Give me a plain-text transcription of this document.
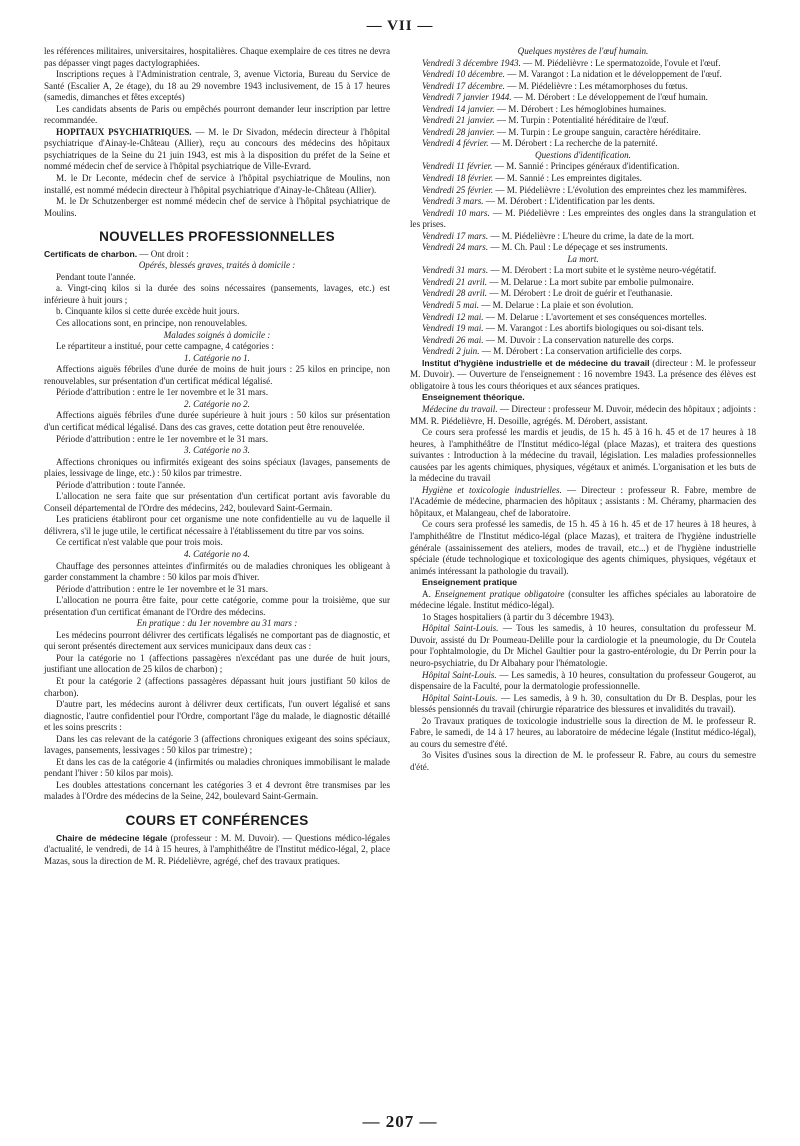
— VII —

les références militaires, universitaires, hospitalières. Chaque exemplaire de ces titres ne devra pas dépasser vingt pages dactylographiées.

Inscriptions reçues à l'Administration centrale, 3, avenue Victoria, Bureau du Service de Santé (Escalier A, 2e étage), du 18 au 29 novembre 1943 inclusivement, de 15 à 17 heures (samedis, dimanches et fêtes exceptés)

Les candidats absents de Paris ou empêchés pourront demander leur inscription par lettre recommandée.

HOPITAUX PSYCHIATRIQUES. — M. le Dr Sivadon, médecin directeur à l'hôpital psychiatrique d'Ainay-le-Château (Allier), reçu au concours des médecins des hôpitaux psychiatriques de la Seine du 21 juin 1943, est mis à la disposition du préfet de la Seine et nommé médecin chef de service à l'hôpital psychiatrique de Ville-Evrard.

M. le Dr Leconte, médecin chef de service à l'hôpital psychiatrique de Moulins, non installé, est nommé médecin directeur à l'hôpital psychiatrique d'Ainay-le-Château (Allier).

M. le Dr Schutzenberger est nommé médecin chef de service à l'hôpital psychiatrique de Moulins.

NOUVELLES PROFESSIONNELLES

Certificats de charbon. — Ont droit :

Opérés, blessés graves, traités à domicile :

Pendant toute l'année.

a. Vingt-cinq kilos si la durée des soins nécessaires (pansements, lavages, etc.) est inférieure à huit jours ;

b. Cinquante kilos si cette durée excède huit jours.

Ces allocations sont, en principe, non renouvelables.

Malades soignés à domicile :

Le répartiteur a institué, pour cette campagne, 4 catégories :

1. Catégorie no 1.

Affections aiguës fébriles d'une durée de moins de huit jours : 25 kilos en principe, non renouvelables, sur présentation d'un certificat médical légalisé.

Période d'attribution : entre le 1er novembre et le 31 mars.

2. Catégorie no 2.

Affections aiguës fébriles d'une durée supérieure à huit jours : 50 kilos sur présentation d'un certificat médical légalisé. Dans des cas graves, cette dotation peut être renouvelée.

Période d'attribution : entre le 1er novembre et le 31 mars.

3. Catégorie no 3.

Affections chroniques ou infirmités exigeant des soins spéciaux (lavages, pansements de plaies, lessivage de linge, etc.) : 50 kilos par trimestre.

Période d'attribution : toute l'année.

L'allocation ne sera faite que sur présentation d'un certificat portant avis favorable du Conseil départemental de l'Ordre des médecins, 242, boulevard Saint-Germain.

Les praticiens établiront pour cet organisme une note confidentielle au vu de laquelle il délivrera, s'il le juge utile, le certificat nécessaire à l'établissement du titre par vos soins.

Ce certificat n'est valable que pour trois mois.

4. Catégorie no 4.

Chauffage des personnes atteintes d'infirmités ou de maladies chroniques les obligeant à garder constamment la chambre : 50 kilos par mois d'hiver.

Période d'attribution : entre le 1er novembre et le 31 mars.

L'allocation ne pourra être faite, pour cette catégorie, comme pour la troisième, que sur présentation d'un certificat émanant de l'Ordre des médecins.

En pratique : du 1er novembre au 31 mars :

Les médecins pourront délivrer des certificats légalisés ne comportant pas de diagnostic, et qui seront présentés directement aux services municipaux dans deux cas :

Pour la catégorie no 1 (affections passagères n'excédant pas une durée de huit jours, justifiant une allocation de 25 kilos de charbon) ;

Et pour la catégorie 2 (affections passagères dépassant huit jours justifiant 50 kilos de charbon).

D'autre part, les médecins auront à délivrer deux certificats, l'un ouvert légalisé et sans diagnostic, l'autre confidentiel pour l'Ordre, comportant l'âge du malade, le diagnostic détaillé et les soins prescrits :

Dans les cas relevant de la catégorie 3 (affections chroniques exigeant des soins spéciaux, lavages, pansements, lessivages : 50 kilos par trimestre) ;

Et dans les cas de la catégorie 4 (infirmités ou maladies chroniques immobilisant le malade pendant l'hiver : 50 kilos par mois).

Les doubles attestations concernant les catégories 3 et 4 devront être transmises par les malades à l'Ordre des médecins de la Seine, 242, boulevard Saint-Germain.

COURS ET CONFÉRENCES

Chaire de médecine légale (professeur : M. M. Duvoir). — Questions médico-légales d'actualité, le vendredi, de 14 à 15 heures, à l'amphithéâtre de l'Institut médico-légal, 2, place Mazas, sous la direction de M. R. Piédelièvre, agrégé, chef des travaux pratiques.

Quelques mystères de l'œuf humain.

Vendredi 3 décembre 1943. — M. Piédelièvre : Le spermatozoïde, l'ovule et l'œuf.

Vendredi 10 décembre. — M. Varangot : La nidation et le développement de l'œuf.

Vendredi 17 décembre. — M. Piédelièvre : Les métamorphoses du fœtus.

Vendredi 7 janvier 1944. — M. Dérobert : Le développement de l'œuf humain.

Vendredi 14 janvier. — M. Dérobert : Les hémoglobines humaines.

Vendredi 21 janvier. — M. Turpin : Potentialité héréditaire de l'œuf.

Vendredi 28 janvier. — M. Turpin : Le groupe sanguin, caractère héréditaire.

Vendredi 4 février. — M. Dérobert : La recherche de la paternité.

Questions d'identification.

Vendredi 11 février. — M. Sannié : Principes généraux d'identification.

Vendredi 18 février. — M. Sannié : Les empreintes digitales.

Vendredi 25 février. — M. Piédelièvre : L'évolution des empreintes chez les mammifères.

Vendredi 3 mars. — M. Dérobert : L'identification par les dents.

Vendredi 10 mars. — M. Piédelièvre : Les empreintes des ongles dans la strangulation et les prises.

Vendredi 17 mars. — M. Piédelièvre : L'heure du crime, la date de la mort.

Vendredi 24 mars. — M. Ch. Paul : Le dépeçage et ses instruments.

La mort.

Vendredi 31 mars. — M. Dérobert : La mort subite et le système neuro-végétatif.

Vendredi 21 avril. — M. Delarue : La mort subite par embolie pulmonaire.

Vendredi 28 avril. — M. Dérobert : Le droit de guérir et l'euthanasie.

Vendredi 5 mai. — M. Delarue : La plaie et son évolution.

Vendredi 12 mai. — M. Delarue : L'avortement et ses conséquences mortelles.

Vendredi 19 mai. — M. Varangot : Les abortifs biologiques ou soi-disant tels.

Vendredi 26 mai. — M. Duvoir : La conservation naturelle des corps.

Vendredi 2 juin. — M. Dérobert : La conservation artificielle des corps.

Institut d'hygiène industrielle et de médecine du travail (directeur : M. le professeur M. Duvoir). — Ouverture de l'enseignement : 16 novembre 1943. La présence des élèves est obligatoire à tous les cours théoriques et aux séances pratiques.

Enseignement théorique.

Médecine du travail. — Directeur : professeur M. Duvoir, médecin des hôpitaux ; adjoints : MM. R. Piédelièvre, H. Desoille, agrégés. M. Dérobert, assistant.

Ce cours sera professé les mardis et jeudis, de 15 h. 45 à 16 h. 45 et de 17 heures à 18 heures, à l'amphithéâtre de l'Institut médico-légal (place Mazas), et traitera des questions suivantes : Introduction à la médecine du travail, législation. Les maladies professionnelles causées par les agents chimiques, physiques, végétaux et animés. L'organisation et les buts de la médecine du travail

Hygiène et toxicologie industrielles. — Directeur : professeur R. Fabre, membre de l'Académie de médecine, pharmacien des hôpitaux ; assistants : M. Chéramy, pharmacien des hôpitaux, et Malangeau, chef de laboratoire.

Ce cours sera professé les samedis, de 15 h. 45 à 16 h. 45 et de 17 heures à 18 heures, à l'amphithéâtre de l'Institut médico-légal (place Mazas), et traitera de l'hygiène industrielle générale (assainissement des ateliers, modes de travail, etc...) et de l'hygiène industrielle spéciale (étude technologique et toxicologique des agents chimiques, physiques, végétaux et animés intéressant la pathologie du travail).

Enseignement pratique

A. Enseignement pratique obligatoire (consulter les affiches spéciales au laboratoire de médecine légale. Institut médico-légal).

1o Stages hospitaliers (à partir du 3 décembre 1943).

Hôpital Saint-Louis. — Tous les samedis, à 10 heures, consultation du professeur M. Duvoir, assisté du Dr Poumeau-Delille pour la cardiologie et la pneumologie, du Dr Coutela pour l'ophtalmologie, du Dr Michel Gaultier pour la gastro-entérologie, du Dr Perrin pour la neuro-psychiatrie, du Dr Albahary pour l'hématologie.

Hôpital Saint-Louis. — Les samedis, à 10 heures, consultation du professeur Gougerot, au dispensaire de la Faculté, pour la dermatologie professionnelle.

Hôpital Saint-Louis. — Les samedis, à 9 h. 30, consultation du Dr B. Desplas, pour les blessés pensionnés du travail (chirurgie réparatrice des blessures et invalidités du travail).

2o Travaux pratiques de toxicologie industrielle sous la direction de M. le professeur R. Fabre, le samedi, de 14 à 17 heures, au laboratoire de médecine légale (Institut médico-légal), au cours du semestre d'été.

3o Visites d'usines sous la direction de M. le professeur R. Fabre, au cours du semestre d'été.

— 207 —
